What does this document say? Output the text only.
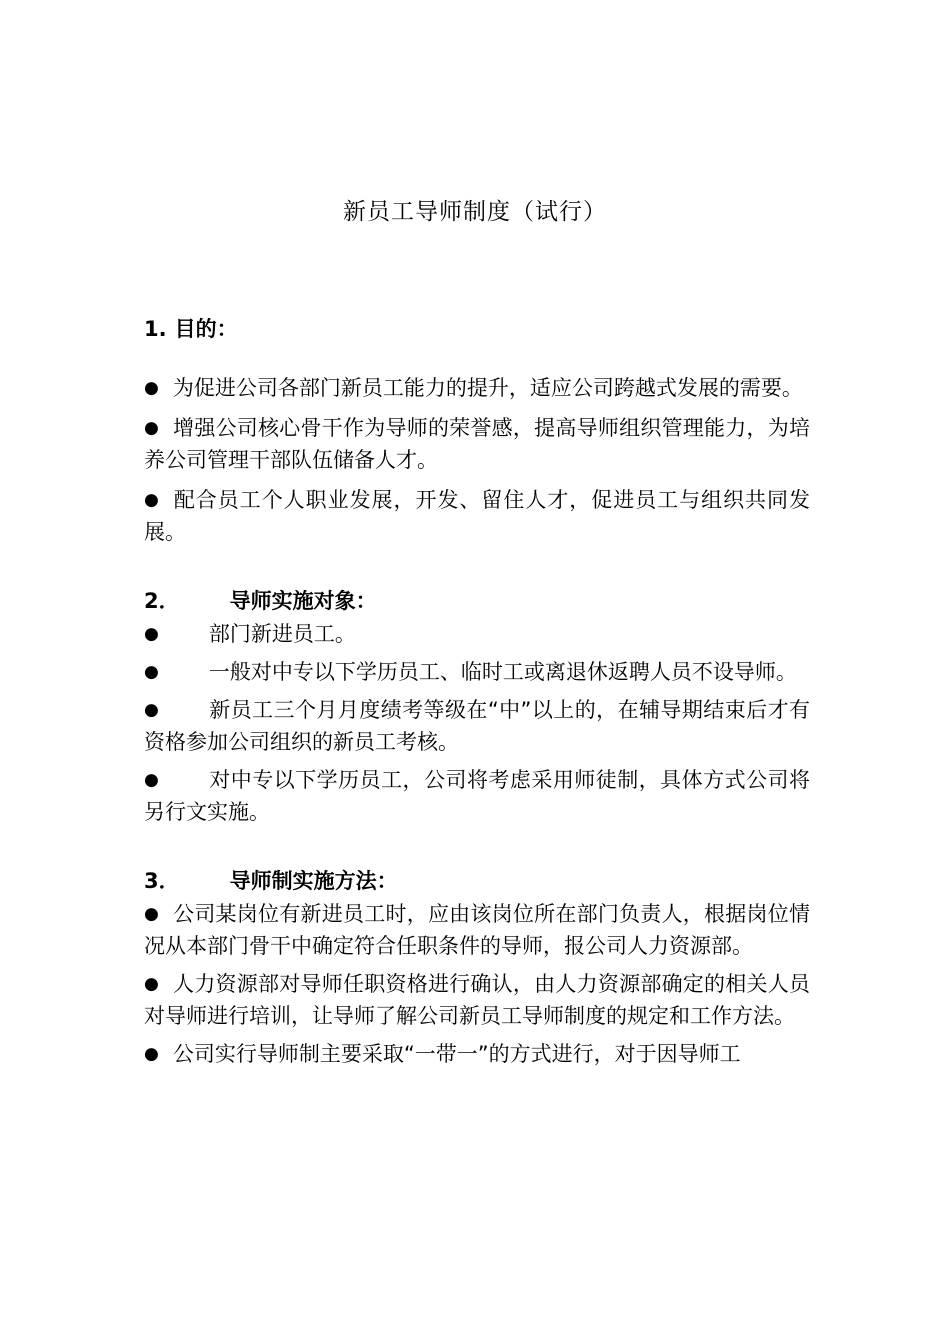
新员工导师制度（试行）

1. 目的：

● 为促进公司各部门新员工能力的提升，适应公司跨越式发展的需要。

● 增强公司核心骨干作为导师的荣誉感，提高导师组织管理能力，为培养公司管理干部队伍储备人才。

● 配合员工个人职业发展，开发、留住人才，促进员工与组织共同发展。

2． 导师实施对象：

● 部门新进员工。

● 一般对中专以下学历员工、临时工或离退休返聘人员不设导师。

● 新员工三个月月度绩考等级在“中”以上的，在辅导期结束后才有资格参加公司组织的新员工考核。

● 对中专以下学历员工，公司将考虑采用师徒制，具体方式公司将另行文实施。

3． 导师制实施方法：

● 公司某岗位有新进员工时，应由该岗位所在部门负责人，根据岗位情况从本部门骨干中确定符合任职条件的导师，报公司人力资源部。

● 人力资源部对导师任职资格进行确认，由人力资源部确定的相关人员对导师进行培训，让导师了解公司新员工导师制度的规定和工作方法。

● 公司实行导师制主要采取“一带一”的方式进行，对于因导师工
